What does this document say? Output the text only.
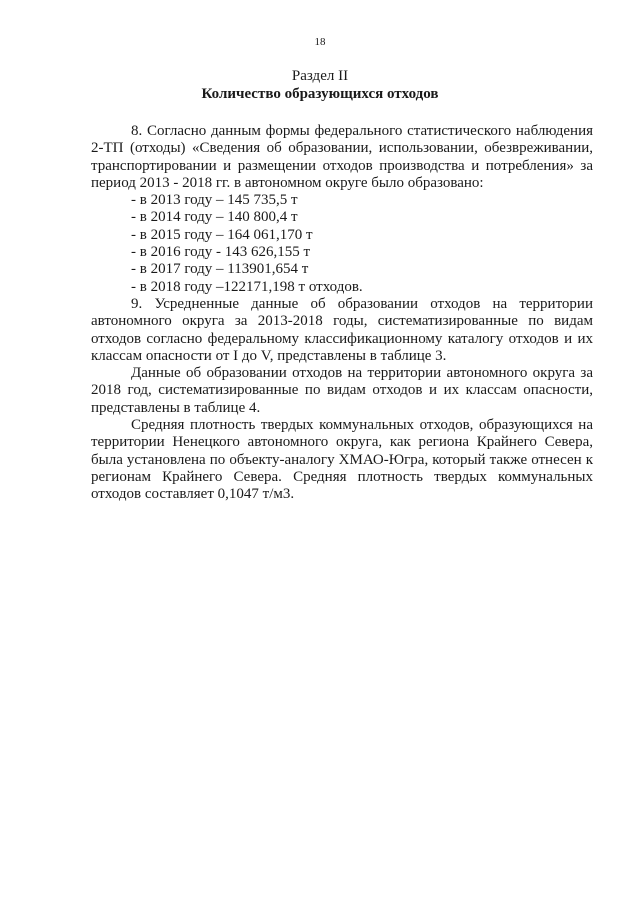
18
Раздел II
Количество образующихся отходов

8. Согласно данным формы федерального статистического наблюдения 2-ТП (отходы) «Сведения об образовании, использовании, обезвреживании, транспортировании и размещении отходов производства и потребления» за период 2013 - 2018 гг. в автономном округе было образовано:

- в 2013 году – 145 735,5 т
- в 2014 году – 140 800,4 т
- в 2015 году – 164 061,170 т
- в 2016 году - 143 626,155 т
- в 2017 году – 113901,654 т
- в 2018 году –122171,198 т отходов.

9. Усредненные данные об образовании отходов на территории автономного округа за 2013-2018 годы, систематизированные по видам отходов согласно федеральному классификационному каталогу отходов и их классам опасности от I до V, представлены в таблице 3.

Данные об образовании отходов на территории автономного округа за 2018 год, систематизированные по видам отходов и их классам опасности, представлены в таблице 4.

Средняя плотность твердых коммунальных отходов, образующихся на территории Ненецкого автономного округа, как региона Крайнего Севера, была установлена по объекту-аналогу ХМАО-Югра, который также отнесен к регионам Крайнего Севера. Средняя плотность твердых коммунальных отходов составляет 0,1047 т/м3.
